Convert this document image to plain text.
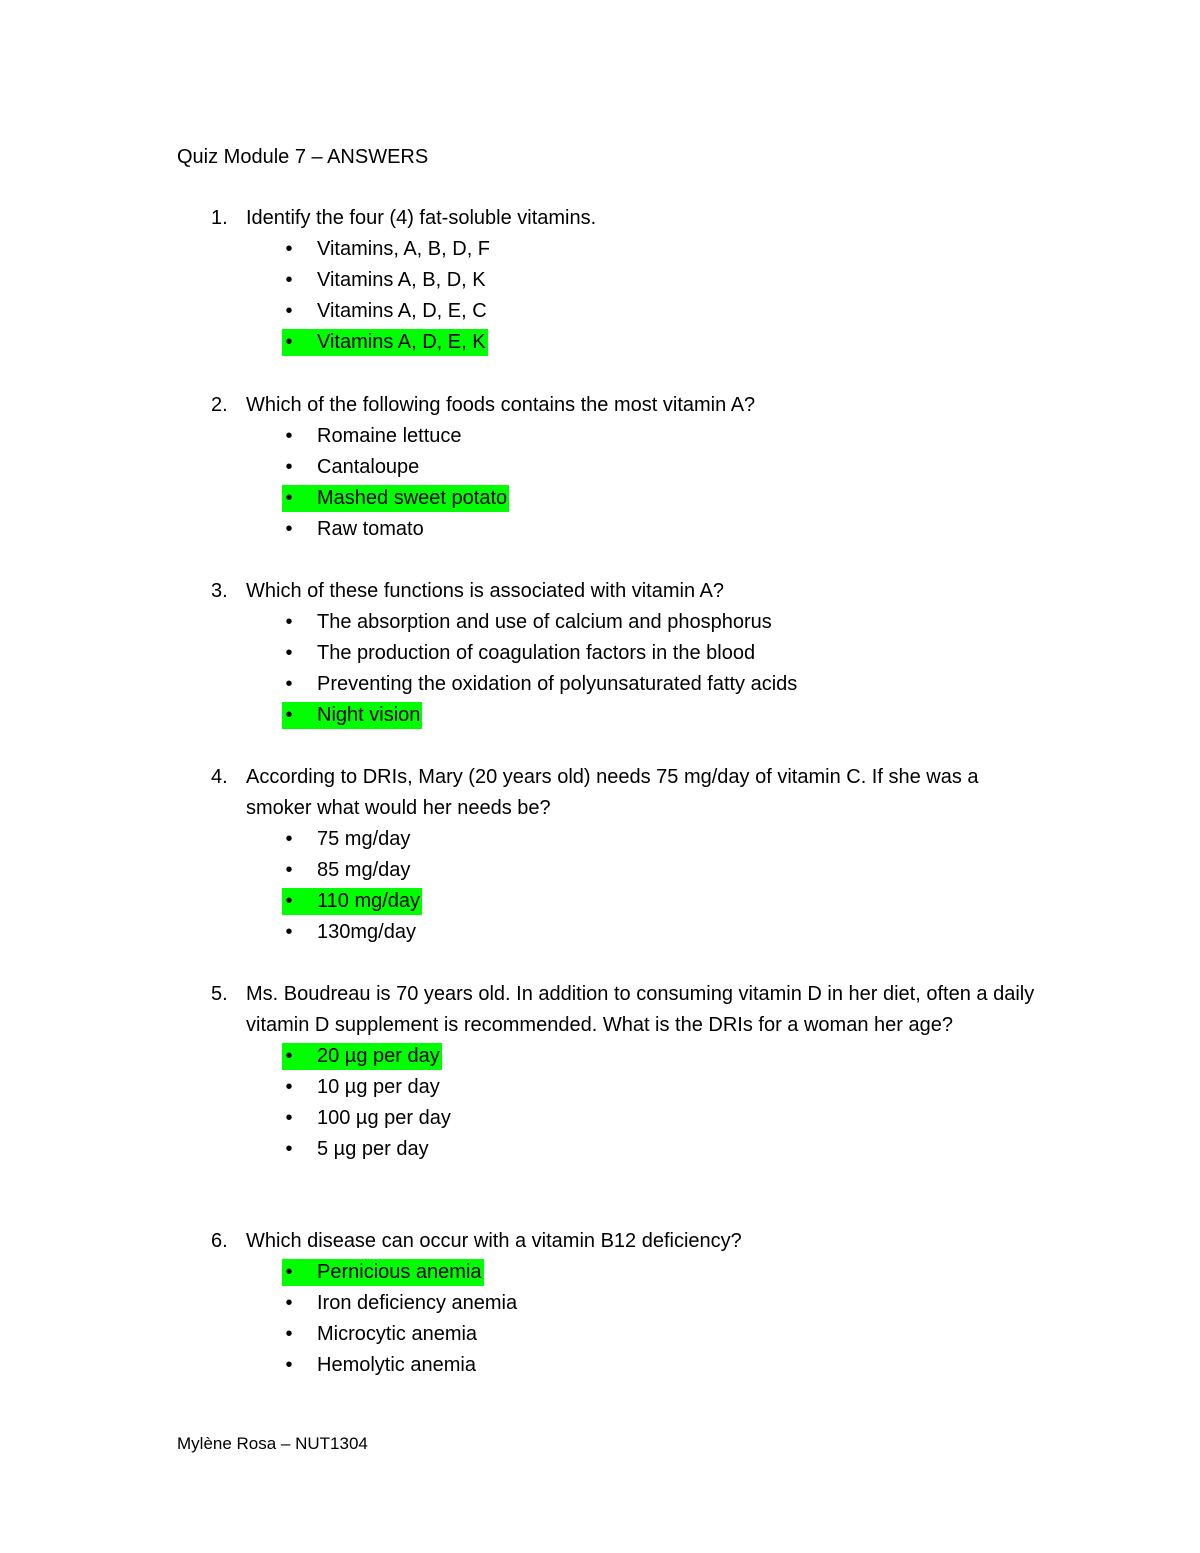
Quiz Module 7 – ANSWERS
1. Identify the four (4) fat-soluble vitamins.
• Vitamins, A, B, D, F
• Vitamins A, B, D, K
• Vitamins A, D, E, C
• Vitamins A, D, E, K
2. Which of the following foods contains the most vitamin A?
• Romaine lettuce
• Cantaloupe
• Mashed sweet potato
• Raw tomato
3. Which of these functions is associated with vitamin A?
• The absorption and use of calcium and phosphorus
• The production of coagulation factors in the blood
• Preventing the oxidation of polyunsaturated fatty acids
• Night vision
4. According to DRIs, Mary (20 years old) needs 75 mg/day of vitamin C. If she was a smoker what would her needs be?
• 75 mg/day
• 85 mg/day
• 110 mg/day
• 130mg/day
5. Ms. Boudreau is 70 years old. In addition to consuming vitamin D in her diet, often a daily vitamin D supplement is recommended. What is the DRIs for a woman her age?
• 20 µg per day
• 10 µg per day
• 100 µg per day
• 5 µg per day
6. Which disease can occur with a vitamin B12 deficiency?
• Pernicious anemia
• Iron deficiency anemia
• Microcytic anemia
• Hemolytic anemia
Mylène Rosa – NUT1304
